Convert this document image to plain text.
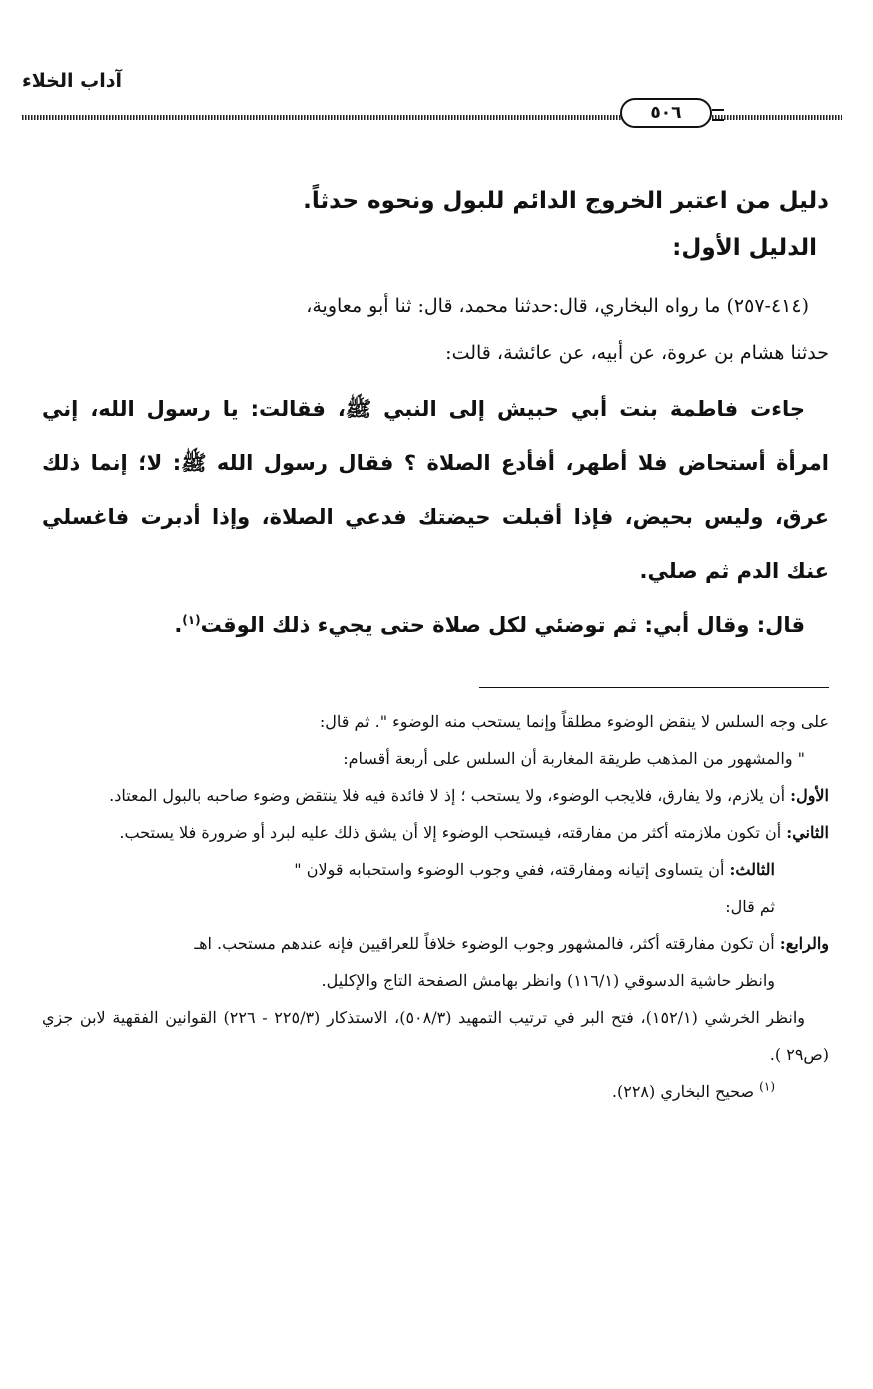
آداب الخلاء
٥٠٦
دليل من اعتبر الخروج الدائم للبول ونحوه حدثاً.
الدليل الأول:

(٤١٤-٢٥٧) ما رواه البخاري، قال:حدثنا محمد، قال: ثنا أبو معاوية،

حدثنا هشام بن عروة، عن أبيه، عن عائشة، قالت:

جاءت فاطمة بنت أبي حبيش إلى النبي ﷺ، فقالت: يا رسول الله، إني امرأة أستحاض فلا أطهر، أفأدع الصلاة ؟ فقال رسول الله ﷺ: لا؛ إنما ذلك عرق، وليس بحيض، فإذا أقبلت حيضتك فدعي الصلاة، وإذا أدبرت فاغسلي عنك الدم ثم صلي.

قال: وقال أبي: ثم توضئي لكل صلاة حتى يجيء ذلك الوقت$^{(١)}$.

على وجه السلس لا ينقض الوضوء مطلقاً وإنما يستحب منه الوضوء ". ثم قال:

" والمشهور من المذهب طريقة المغاربة أن السلس على أربعة أقسام:

الأول: أن يلازم، ولا يفارق، فلايجب الوضوء، ولا يستحب ؛ إذ لا فائدة فيه فلا ينتقض وضوء صاحبه بالبول المعتاد.

الثاني: أن تكون ملازمته أكثر من مفارقته، فيستحب الوضوء إلا أن يشق ذلك عليه لبرد أو ضرورة فلا يستحب.

الثالث: أن يتساوى إتيانه ومفارقته، ففي وجوب الوضوء واستحبابه قولان "

ثم قال:

والرابع: أن تكون مفارقته أكثر، فالمشهور وجوب الوضوء خلافاً للعراقيين فإنه عندهم مستحب. اهـ

وانظر حاشية الدسوقي (١١٦/١) وانظر بهامش الصفحة التاج والإكليل.

وانظر الخرشي (١٥٢/١)، فتح البر في ترتيب التمهيد (٥٠٨/٣)، الاستذكار (٢٢٥/٣ - ٢٢٦) القوانين الفقهية لابن جزي (ص٢٩ ).

$^{(١)}$ صحيح البخاري (٢٢٨).
